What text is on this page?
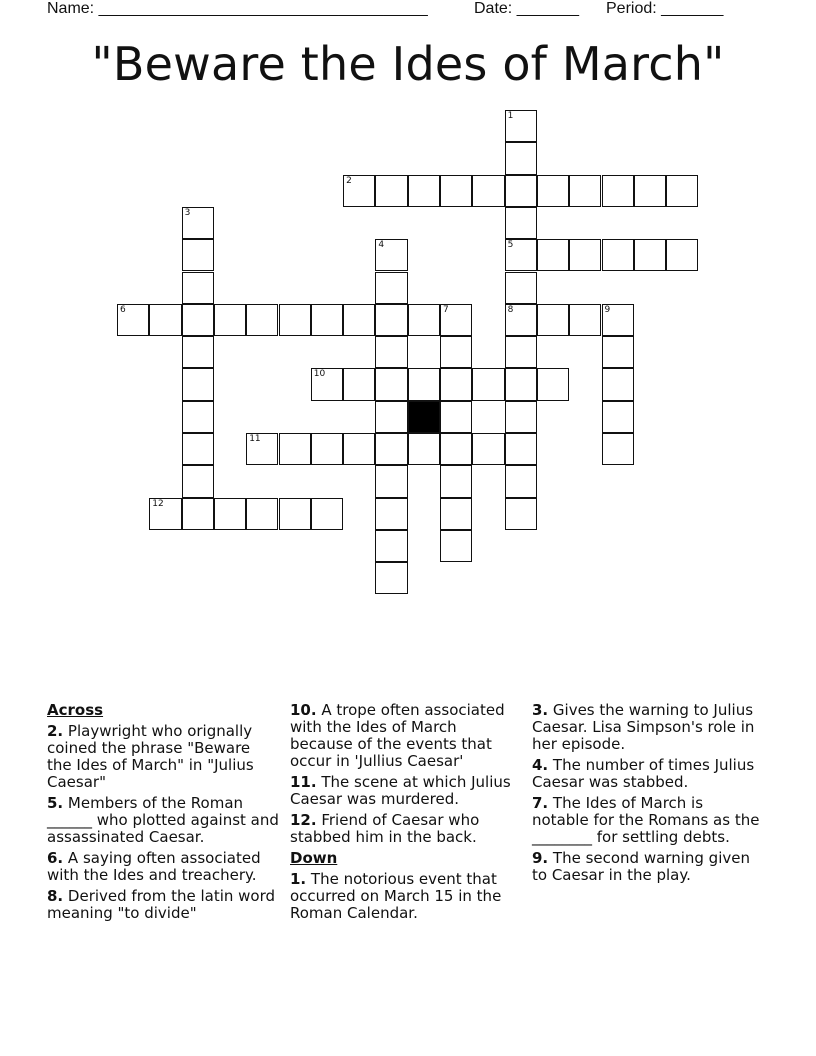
Name: _____________________________________	Date: _______ Period: _______
"Beware the Ides of March"
1
5
8
2
3
4
6	7	9
10
11
12
Across
2. Playwright who orignally coined the phrase "Beware the Ides of March" in "Julius Caesar"
5. Members of the Roman ______ who plotted against and assassinated Caesar.
6. A saying often associated with the Ides and treachery.
8. Derived from the latin word meaning "to divide"
10. A trope often associated with the Ides of March because of the events that occur in 'Jullius Caesar'
11. The scene at which Julius Caesar was murdered.
12. Friend of Caesar who stabbed him in the back.
Down
1. The notorious event that occurred on March 15 in the Roman Calendar.
3. Gives the warning to Julius Caesar. Lisa Simpson's role in her episode.
4. The number of times Julius Caesar was stabbed.
7. The Ides of March is notable for the Romans as the ________ for settling debts.
9. The second warning given to Caesar in the play.
